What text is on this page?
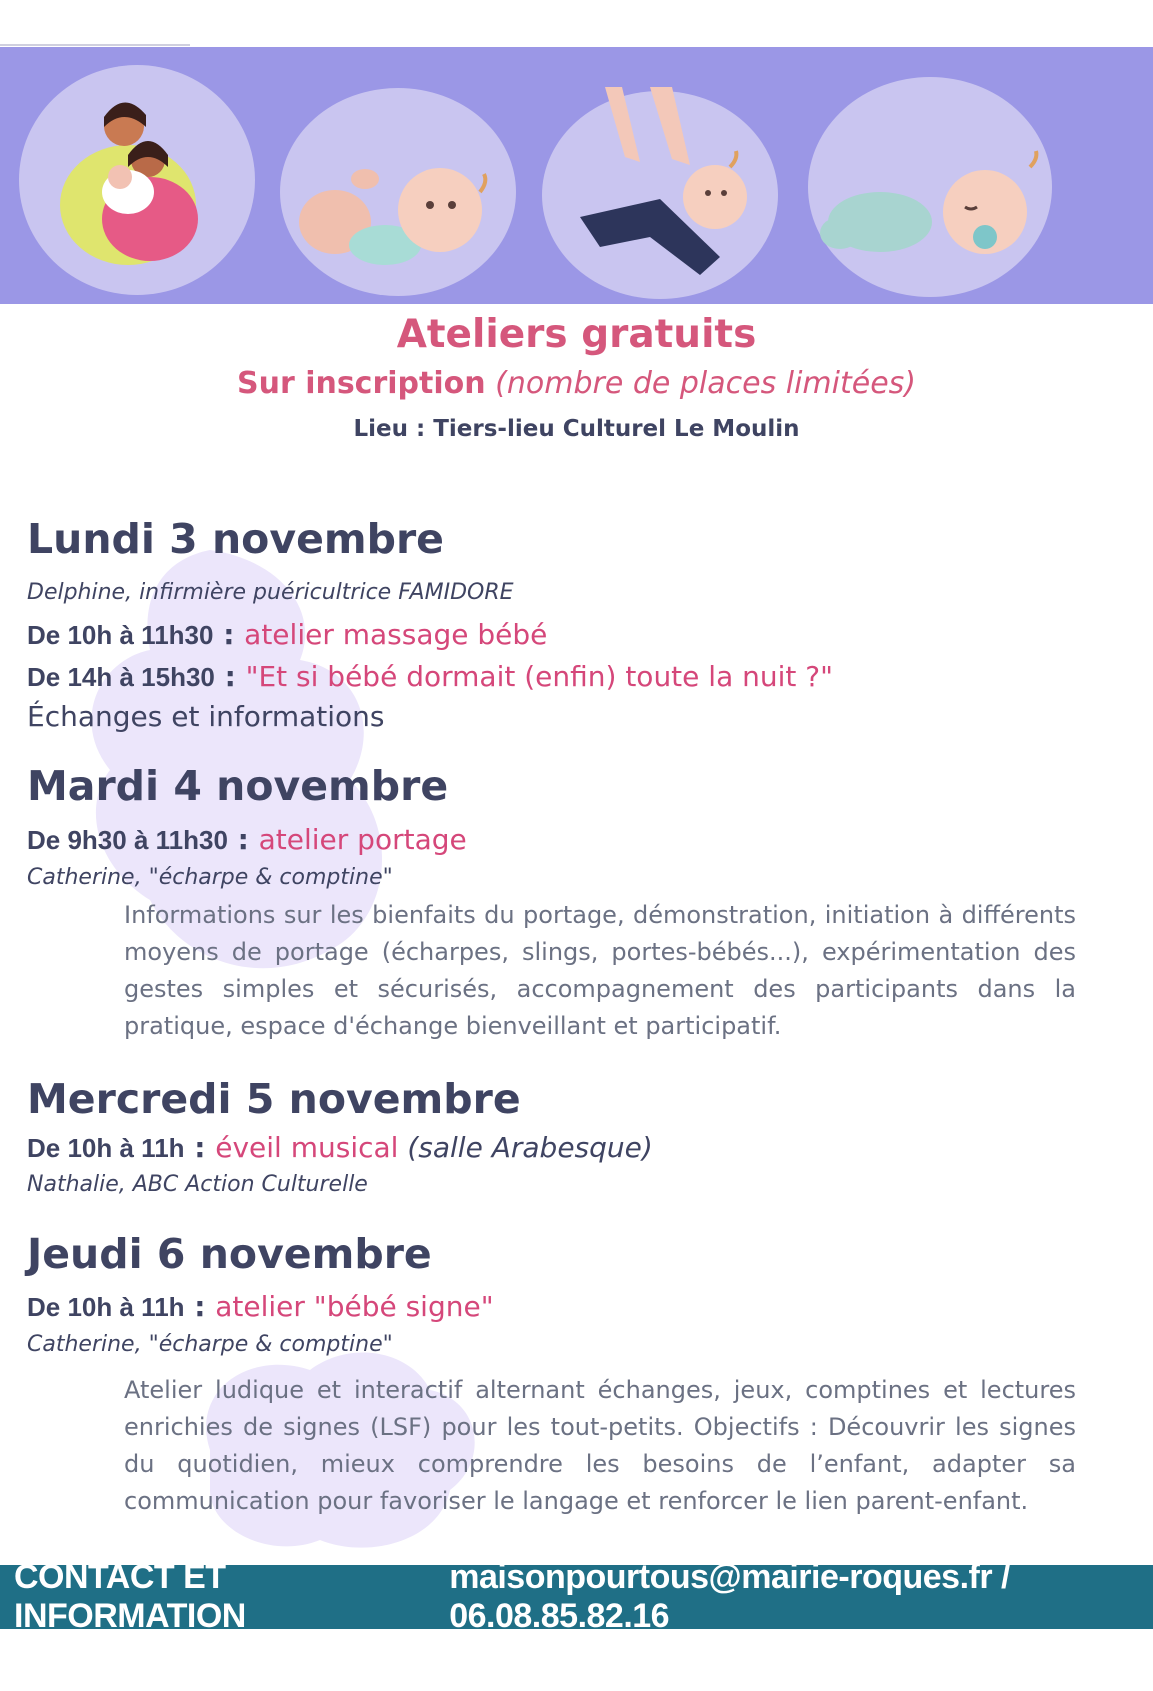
Ateliers gratuits
Sur inscription (nombre de places limitées)
Lieu : Tiers-lieu Culturel Le Moulin
Lundi 3 novembre
Delphine, infirmière puéricultrice FAMIDORE
De 10h à 11h30 : atelier massage bébé
De 14h à 15h30 : "Et si bébé dormait (enfin) toute la nuit ?"
Échanges et informations
Mardi 4 novembre
De 9h30 à 11h30 : atelier portage
Catherine, "écharpe & comptine"
Informations sur les bienfaits du portage, démonstration, initiation à différents moyens de portage (écharpes, slings, portes-bébés...), expérimentation des gestes simples et sécurisés, accompagnement des participants dans la pratique, espace d'échange bienveillant et participatif.
Mercredi 5 novembre
De 10h à 11h : éveil musical (salle Arabesque)
Nathalie, ABC Action Culturelle
Jeudi 6 novembre
De 10h à 11h : atelier "bébé signe"
Catherine, "écharpe & comptine"
Atelier ludique et interactif alternant échanges, jeux, comptines et lectures enrichies de signes (LSF) pour les tout-petits. Objectifs : Découvrir les signes du quotidien, mieux comprendre les besoins de l’enfant, adapter sa communication pour favoriser le langage et renforcer le lien parent-enfant.
CONTACT ET INFORMATION
maisonpourtous@mairie-roques.fr / 06.08.85.82.16
